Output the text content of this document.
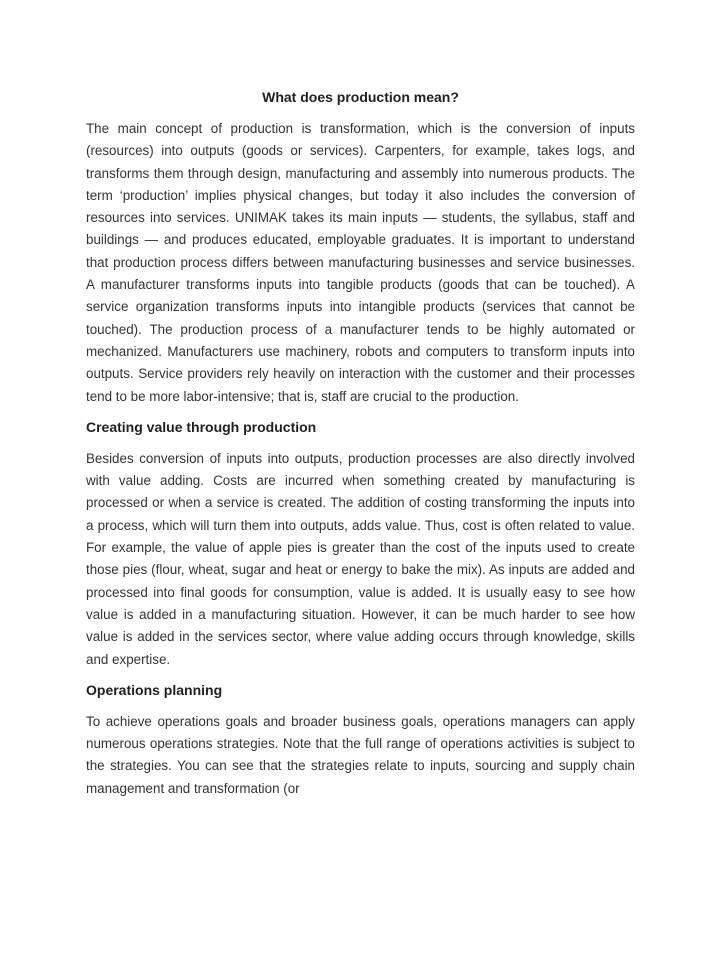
What does production mean?

The main concept of production is transformation, which is the conversion of inputs (resources) into outputs (goods or services). Carpenters, for example, takes logs, and transforms them through design, manufacturing and assembly into numerous products. The term ‘production’ implies physical changes, but today it also includes the conversion of resources into services. UNIMAK takes its main inputs — students, the syllabus, staff and buildings — and produces educated, employable graduates. It is important to understand that production process differs between manufacturing businesses and service businesses. A manufacturer transforms inputs into tangible products (goods that can be touched). A service organization transforms inputs into intangible products (services that cannot be touched). The production process of a manufacturer tends to be highly automated or mechanized. Manufacturers use machinery, robots and computers to transform inputs into outputs. Service providers rely heavily on interaction with the customer and their processes tend to be more labor-intensive; that is, staff are crucial to the production.

Creating value through production

Besides conversion of inputs into outputs, production processes are also directly involved with value adding. Costs are incurred when something created by manufacturing is processed or when a service is created. The addition of costing transforming the inputs into a process, which will turn them into outputs, adds value. Thus, cost is often related to value. For example, the value of apple pies is greater than the cost of the inputs used to create those pies (flour, wheat, sugar and heat or energy to bake the mix). As inputs are added and processed into final goods for consumption, value is added. It is usually easy to see how value is added in a manufacturing situation. However, it can be much harder to see how value is added in the services sector, where value adding occurs through knowledge, skills and expertise.

Operations planning

To achieve operations goals and broader business goals, operations managers can apply numerous operations strategies. Note that the full range of operations activities is subject to the strategies. You can see that the strategies relate to inputs, sourcing and supply chain management and transformation (or
